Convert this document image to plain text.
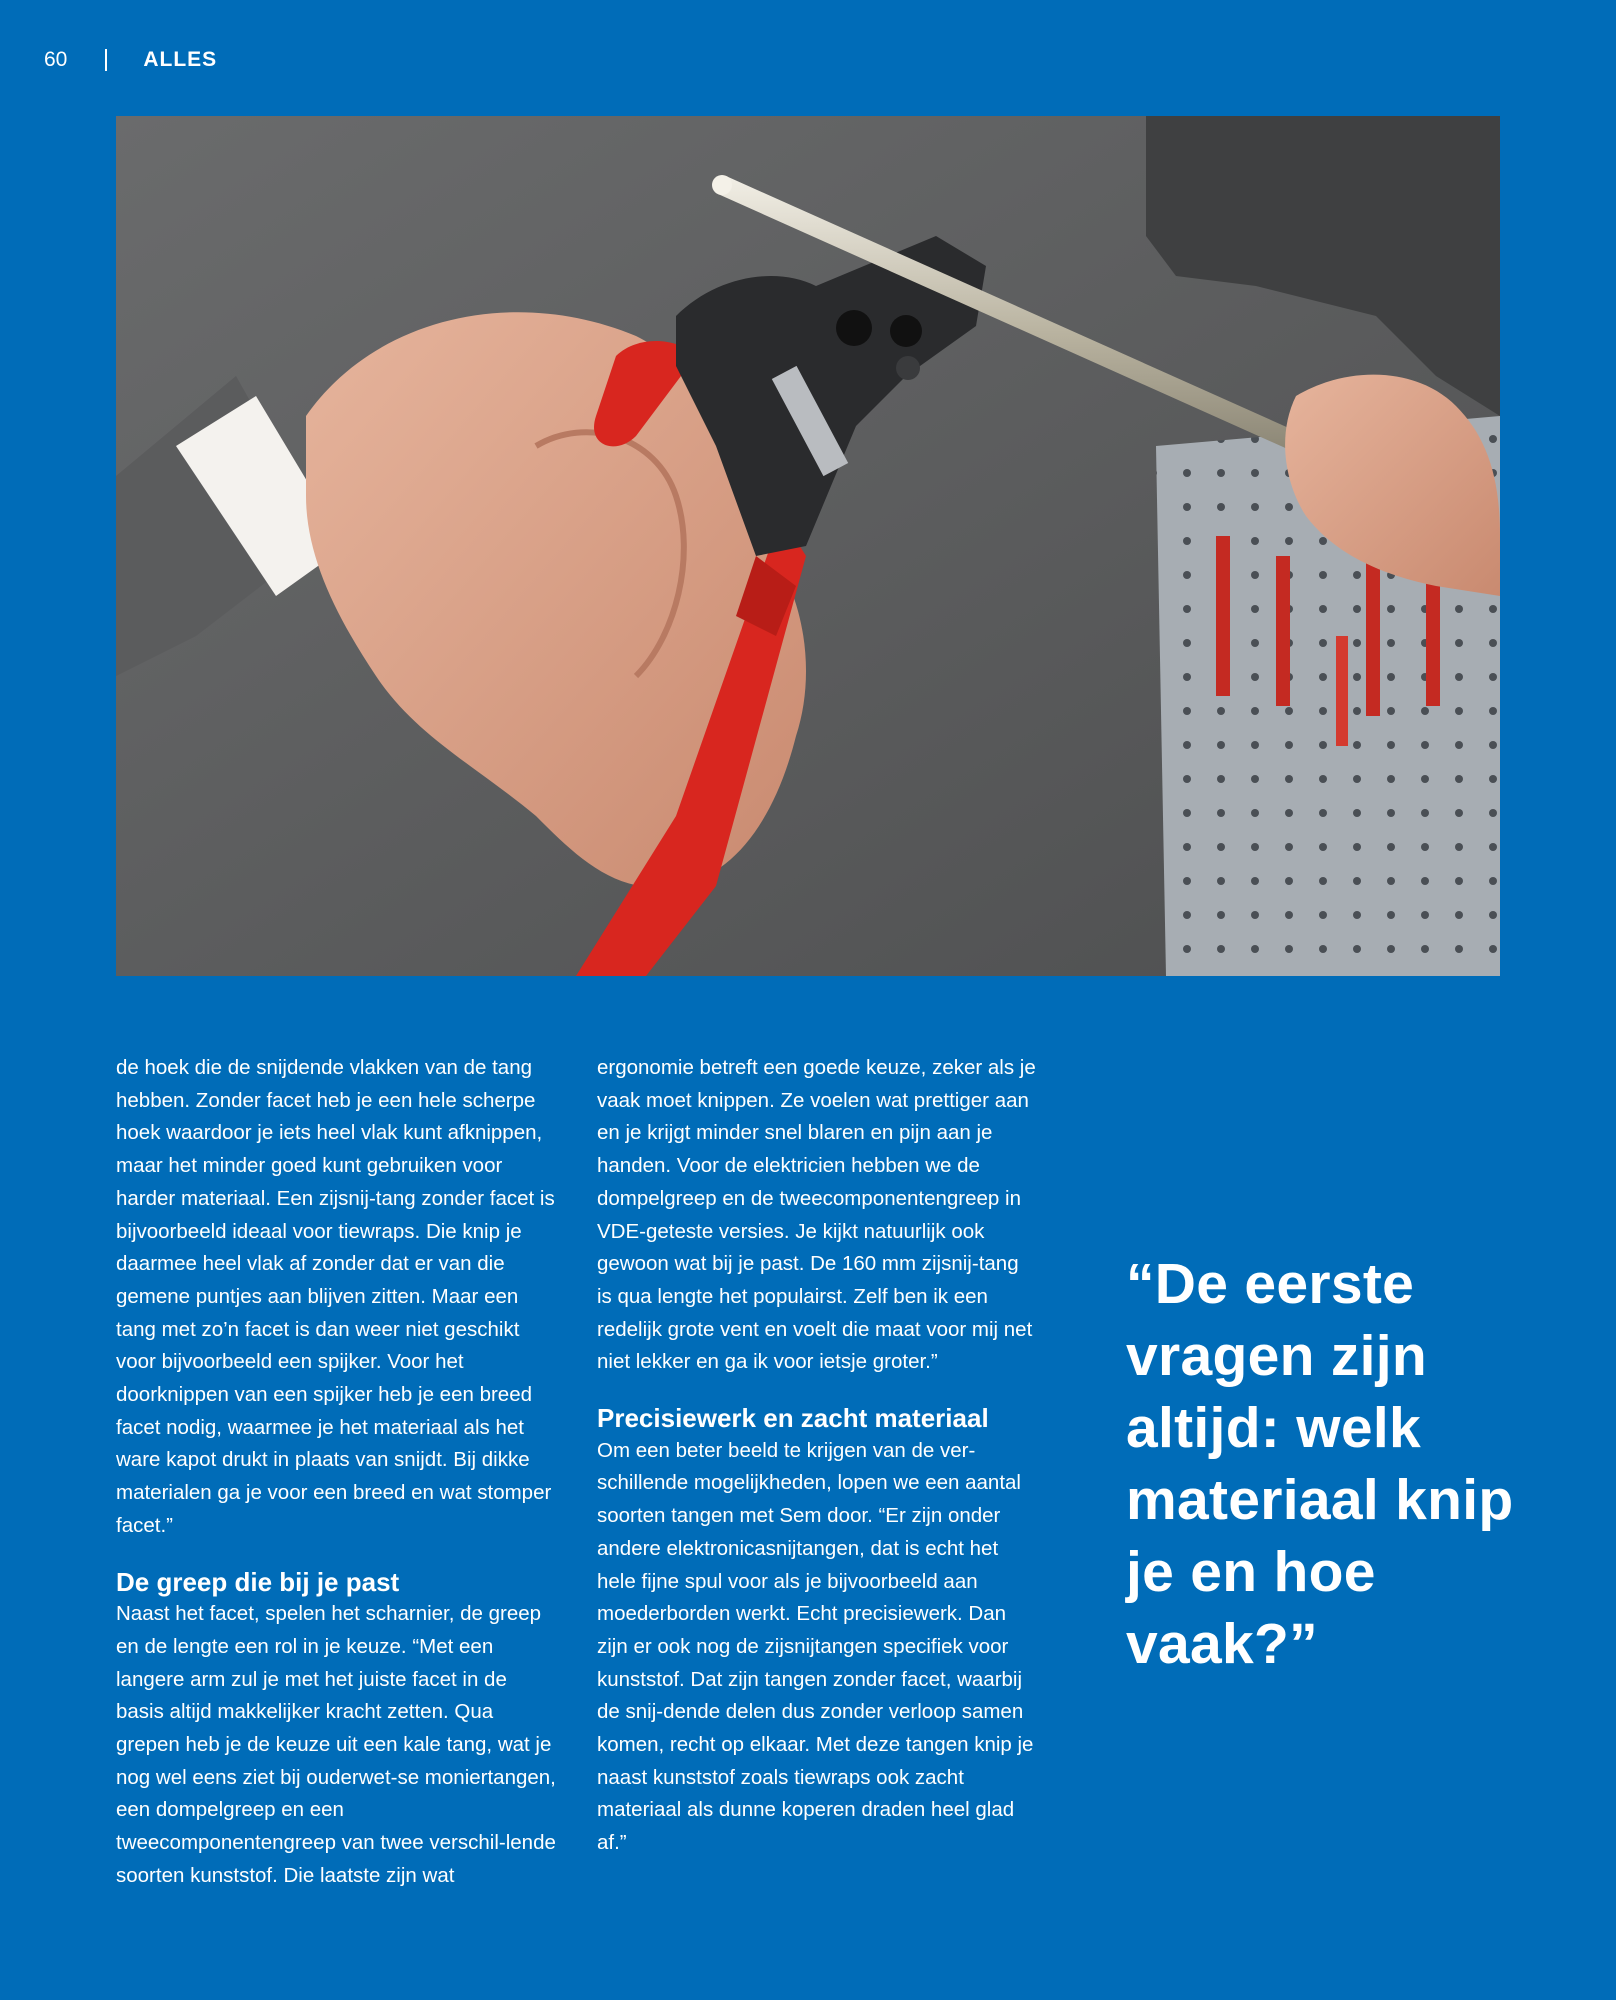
60	ALLES

de hoek die de snijdende vlakken van de tang hebben. Zonder facet heb je een hele scherpe hoek waardoor je iets heel vlak kunt afknippen, maar het minder goed kunt gebruiken voor harder materiaal. Een zijsnij-tang zonder facet is bijvoorbeeld ideaal voor tiewraps. Die knip je daarmee heel vlak af zonder dat er van die gemene puntjes aan blijven zitten. Maar een tang met zo’n facet is dan weer niet geschikt voor bijvoorbeeld een spijker. Voor het doorknippen van een spijker heb je een breed facet nodig, waarmee je het materiaal als het ware kapot drukt in plaats van snijdt. Bij dikke materialen ga je voor een breed en wat stomper facet.”

De greep die bij je past

Naast het facet, spelen het scharnier, de greep en de lengte een rol in je keuze. “Met een langere arm zul je met het juiste facet in de basis altijd makkelijker kracht zetten. Qua grepen heb je de keuze uit een kale tang, wat je nog wel eens ziet bij ouderwet-se moniertangen, een dompelgreep en een tweecomponentengreep van twee verschil-lende soorten kunststof. Die laatste zijn wat

ergonomie betreft een goede keuze, zeker als je vaak moet knippen. Ze voelen wat prettiger aan en je krijgt minder snel blaren en pijn aan je handen. Voor de elektricien hebben we de dompelgreep en de tweecomponentengreep in VDE-geteste versies. Je kijkt natuurlijk ook gewoon wat bij je past. De 160 mm zijsnij-tang is qua lengte het populairst. Zelf ben ik een redelijk grote vent en voelt die maat voor mij net niet lekker en ga ik voor ietsje groter.”

Precisiewerk en zacht materiaal

Om een beter beeld te krijgen van de ver-schillende mogelijkheden, lopen we een aantal soorten tangen met Sem door. “Er zijn onder andere elektronicasnijtangen, dat is echt het hele fijne spul voor als je bijvoorbeeld aan moederborden werkt. Echt precisiewerk. Dan zijn er ook nog de zijsnijtangen specifiek voor kunststof. Dat zijn tangen zonder facet, waarbij de snij-dende delen dus zonder verloop samen komen, recht op elkaar. Met deze tangen knip je naast kunststof zoals tiewraps ook zacht materiaal als dunne koperen draden heel glad af.”

“De eerste vragen zijn altijd: welk materiaal knip je en hoe vaak?”
